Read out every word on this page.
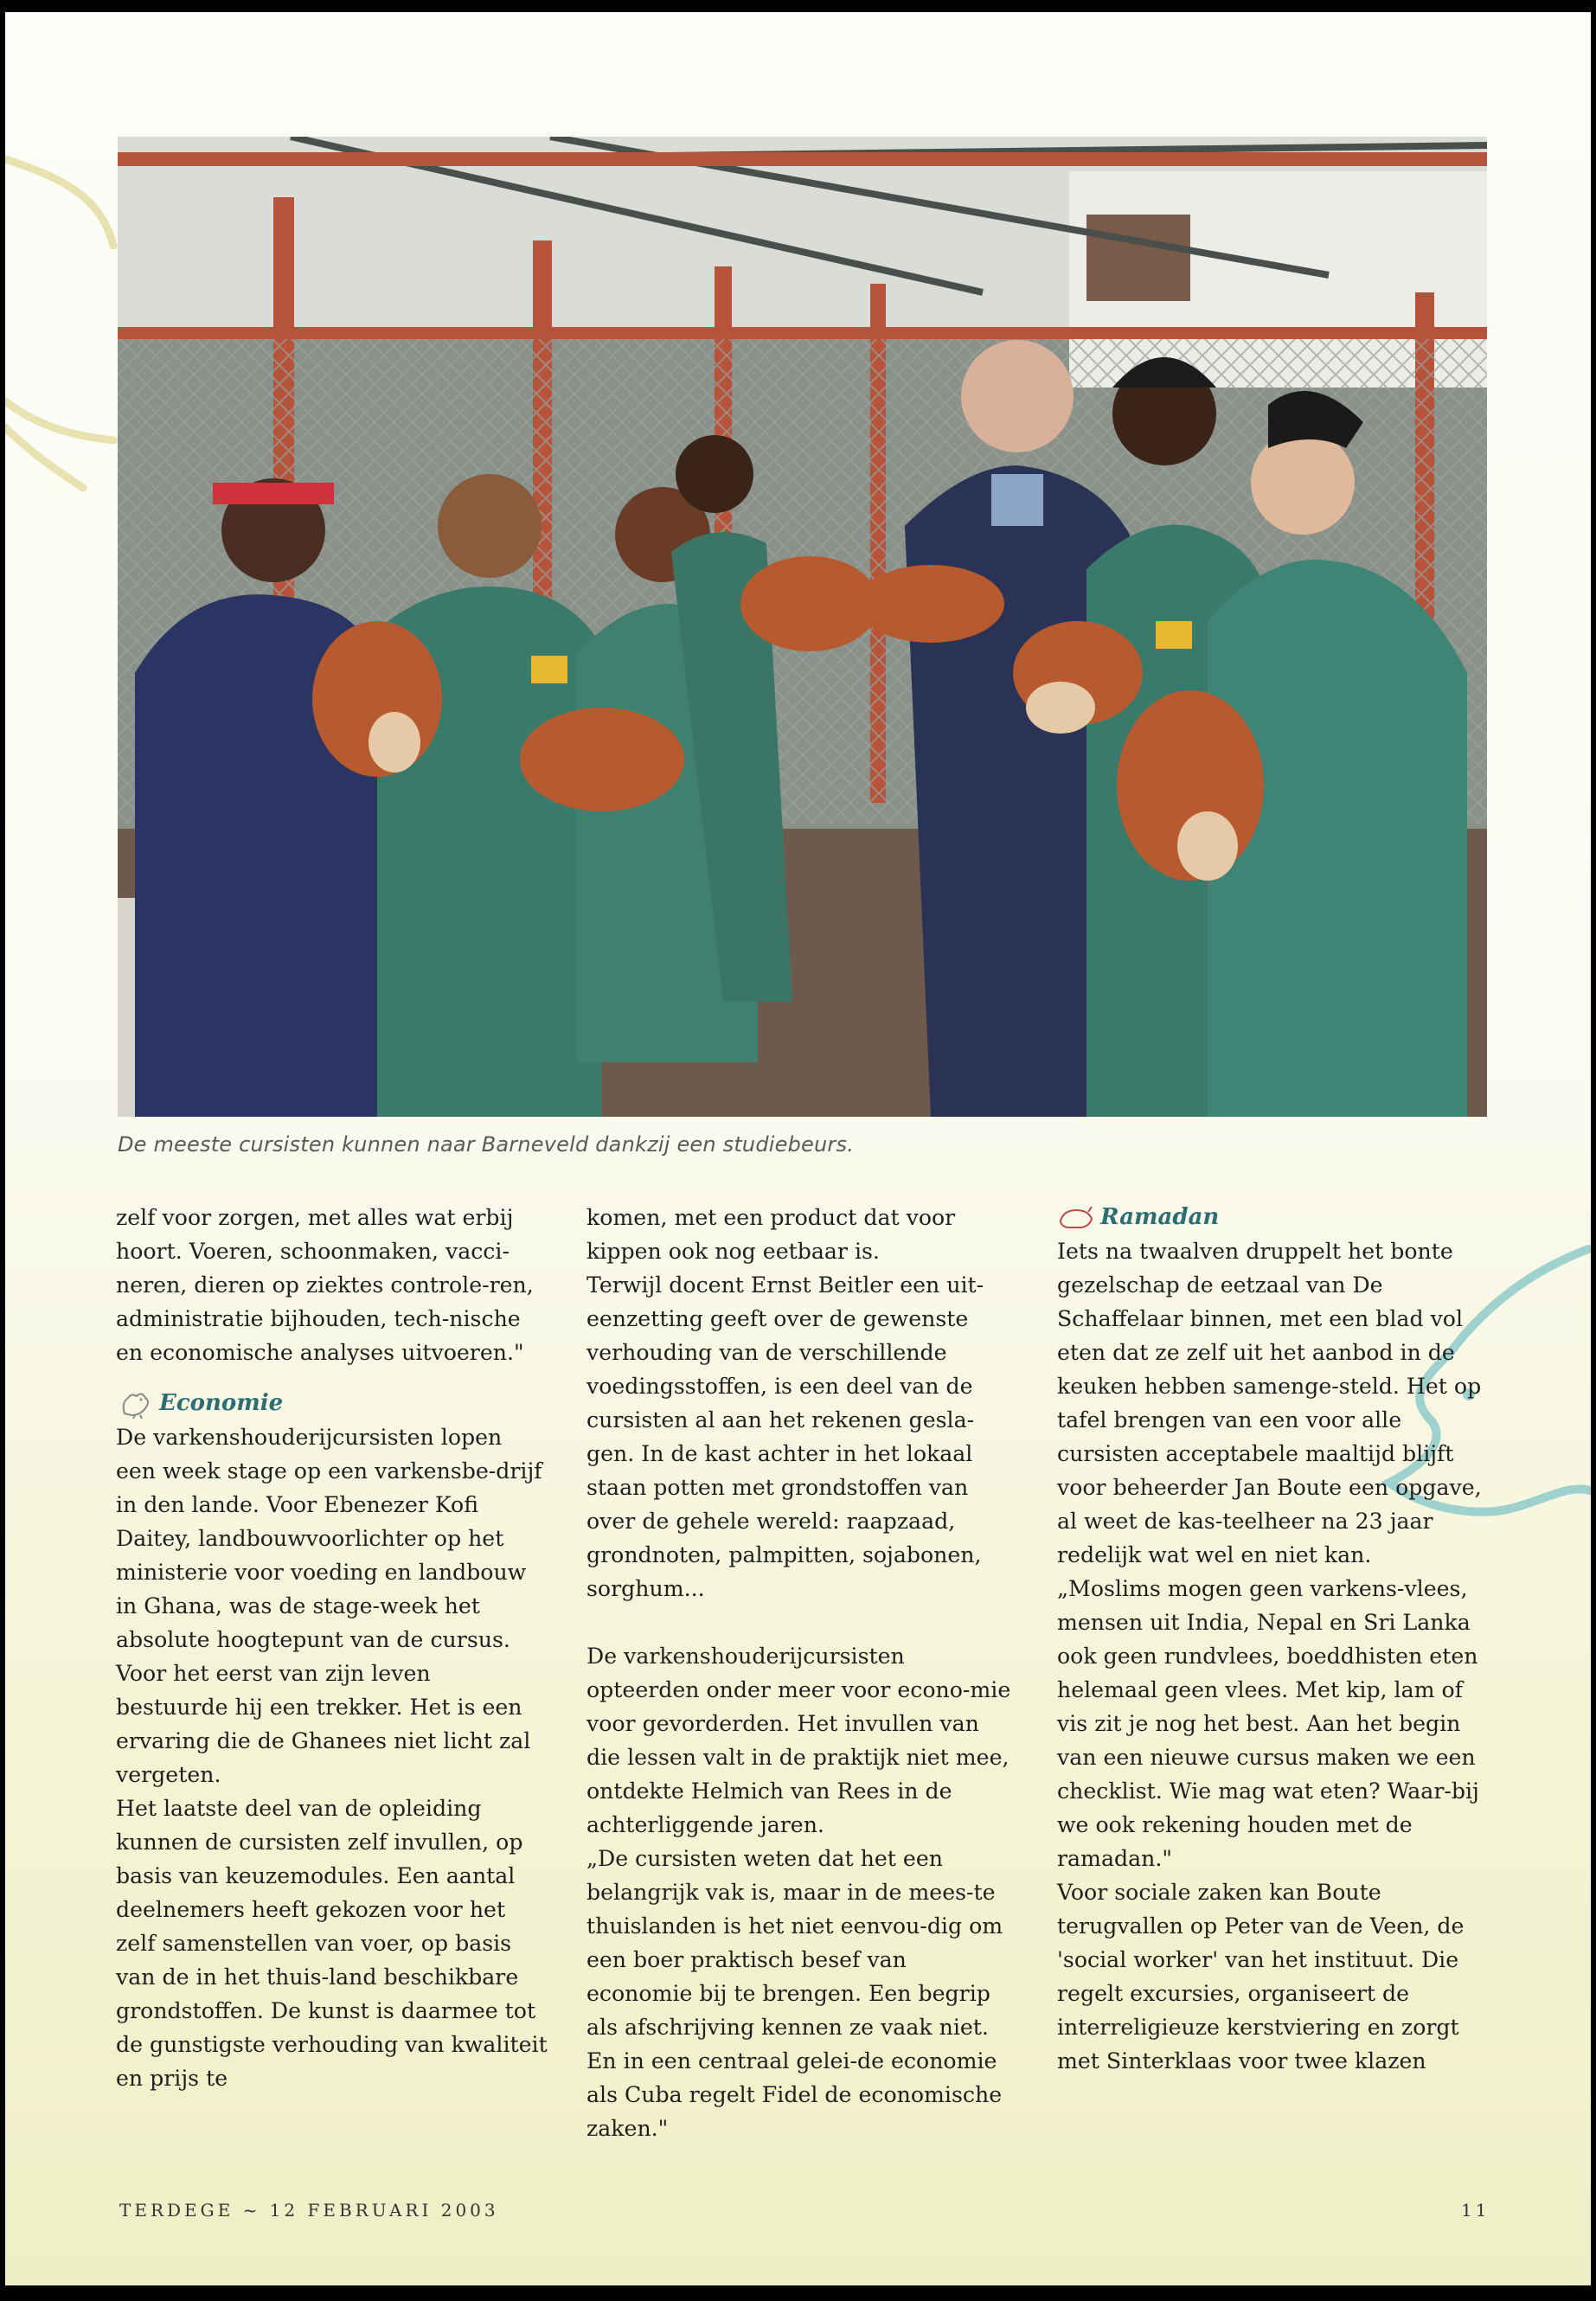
De meeste cursisten kunnen naar Barneveld dankzij een studiebeurs.

zelf voor zorgen, met alles wat erbij hoort. Voeren, schoonmaken, vacci-neren, dieren op ziektes controle-ren, administratie bijhouden, tech-nische en economische analyses uitvoeren."

Economie

De varkenshouderijcursisten lopen een week stage op een varkensbe-drijf in den lande. Voor Ebenezer Kofi Daitey, landbouwvoorlichter op het ministerie voor voeding en landbouw in Ghana, was de stage-week het absolute hoogtepunt van de cursus. Voor het eerst van zijn leven bestuurde hij een trekker. Het is een ervaring die de Ghanees niet licht zal vergeten.

Het laatste deel van de opleiding kunnen de cursisten zelf invullen, op basis van keuzemodules. Een aantal deelnemers heeft gekozen voor het zelf samenstellen van voer, op basis van de in het thuis-land beschikbare grondstoffen. De kunst is daarmee tot de gunstigste verhouding van kwaliteit en prijs te

komen, met een product dat voor kippen ook nog eetbaar is.

Terwijl docent Ernst Beitler een uit-eenzetting geeft over de gewenste verhouding van de verschillende voedingsstoffen, is een deel van de cursisten al aan het rekenen gesla-gen. In de kast achter in het lokaal staan potten met grondstoffen van over de gehele wereld: raapzaad, grondnoten, palmpitten, sojabonen, sorghum...

De varkenshouderijcursisten opteerden onder meer voor econo-mie voor gevorderden. Het invullen van die lessen valt in de praktijk niet mee, ontdekte Helmich van Rees in de achterliggende jaren.

„De cursisten weten dat het een belangrijk vak is, maar in de mees-te thuislanden is het niet eenvou-dig om een boer praktisch besef van economie bij te brengen. Een begrip als afschrijving kennen ze vaak niet. En in een centraal gelei-de economie als Cuba regelt Fidel de economische zaken."

Ramadan

Iets na twaalven druppelt het bonte gezelschap de eetzaal van De Schaffelaar binnen, met een blad vol eten dat ze zelf uit het aanbod in de keuken hebben samenge-steld. Het op tafel brengen van een voor alle cursisten acceptabele maaltijd blijft voor beheerder Jan Boute een opgave, al weet de kas-teelheer na 23 jaar redelijk wat wel en niet kan.

„Moslims mogen geen varkens-vlees, mensen uit India, Nepal en Sri Lanka ook geen rundvlees, boeddhisten eten helemaal geen vlees. Met kip, lam of vis zit je nog het best. Aan het begin van een nieuwe cursus maken we een checklist. Wie mag wat eten? Waar-bij we ook rekening houden met de ramadan."

Voor sociale zaken kan Boute terugvallen op Peter van de Veen, de 'social worker' van het instituut. Die regelt excursies, organiseert de interreligieuze kerstviering en zorgt met Sinterklaas voor twee klazen

TERDEGE ~ 12 FEBRUARI 2003	11
